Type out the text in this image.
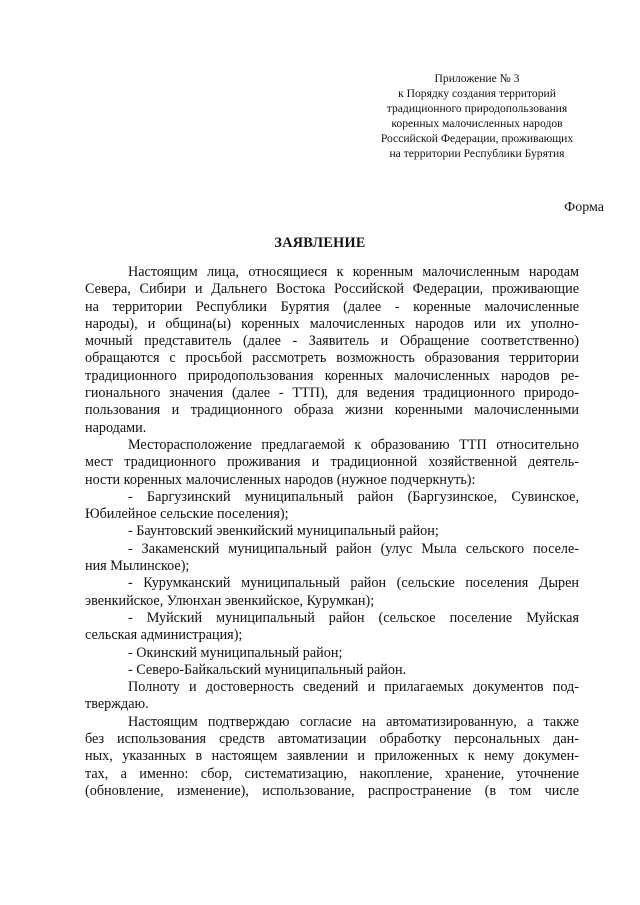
Приложение № 3
к Порядку создания территорий
традиционного природопользования
коренных малочисленных народов
Российской Федерации, проживающих
на территории Республики Бурятия
Форма
ЗАЯВЛЕНИЕ
Настоящим лица, относящиеся к коренным малочисленным народам
Севера, Сибири и Дальнего Востока Российской Федерации, проживающие
на территории Республики Бурятия (далее - коренные малочисленные
народы), и община(ы) коренных малочисленных народов или их уполно-
мочный представитель (далее - Заявитель и Обращение соответственно)
обращаются с просьбой рассмотреть возможность образования территории
традиционного природопользования коренных малочисленных народов ре-
гионального значения (далее - ТТП), для ведения традиционного природо-
пользования и традиционного образа жизни коренными малочисленными
народами.
Месторасположение предлагаемой к образованию ТТП относительно
мест традиционного проживания и традиционной хозяйственной деятель-
ности коренных малочисленных народов (нужное подчеркнуть):
- Баргузинский муниципальный район (Баргузинское, Сувинское,
Юбилейное сельские поселения);
- Баунтовский эвенкийский муниципальный район;
- Закаменский муниципальный район (улус Мыла сельского поселе-
ния Мылинское);
- Курумканский муниципальный район (сельские поселения Дырен
эвенкийское, Улюнхан эвенкийское, Курумкан);
- Муйский муниципальный район (сельское поселение Муйская
сельская администрация);
- Окинский муниципальный район;
- Северо-Байкальский муниципальный район.
Полноту и достоверность сведений и прилагаемых документов под-
тверждаю.
Настоящим подтверждаю согласие на автоматизированную, а также
без использования средств автоматизации обработку персональных дан-
ных, указанных в настоящем заявлении и приложенных к нему докумен-
тах, а именно: сбор, систематизацию, накопление, хранение, уточнение
(обновление, изменение), использование, распространение (в том числе
